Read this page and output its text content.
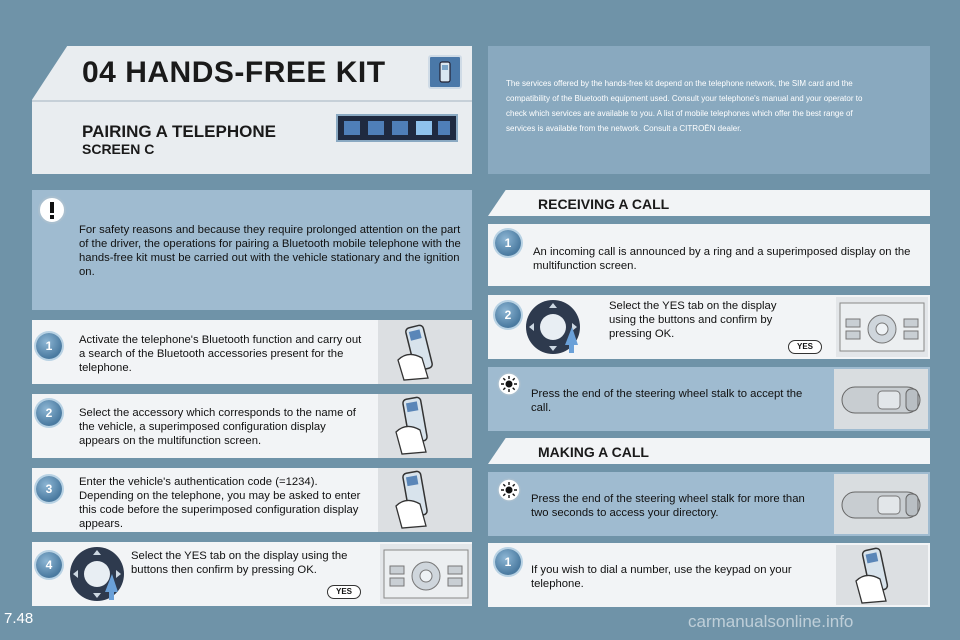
04 HANDS-FREE KIT
PAIRING A TELEPHONE
SCREEN C
The services offered by the hands-free kit depend on the telephone network, the SIM card and the compatibility of the Bluetooth equipment used. Consult your telephone's manual and your operator to check which services are available to you. A list of mobile telephones which offer the best range of services is available from the network. Consult a CITROËN dealer.
For safety reasons and because they require prolonged attention on the part of the driver, the operations for pairing a Bluetooth mobile telephone with the hands-free kit must be carried out with the vehicle stationary and the ignition on.
1	Activate the telephone's Bluetooth function and carry out a search of the Bluetooth accessories present for the telephone.
2	Select the accessory which corresponds to the name of the vehicle, a superimposed configuration display appears on the multifunction screen.
3	Enter the vehicle's authentication code (=1234). Depending on the telephone, you may be asked to enter this code before the superimposed configuration display appears.
4
Select the YES tab on the display using the buttons then confirm by pressing OK.
YES
RECEIVING A CALL
1
An incoming call is announced by a ring and a superimposed display on the multifunction screen.
2
Select the YES tab on the display using the buttons and confirm by pressing OK.
YES
Press the end of the steering wheel stalk to accept the call.
MAKING A CALL
Press the end of the steering wheel stalk for more than two seconds to access your directory.
1
If you wish to dial a number, use the keypad on your telephone.
7.48	carmanualsonline.info
